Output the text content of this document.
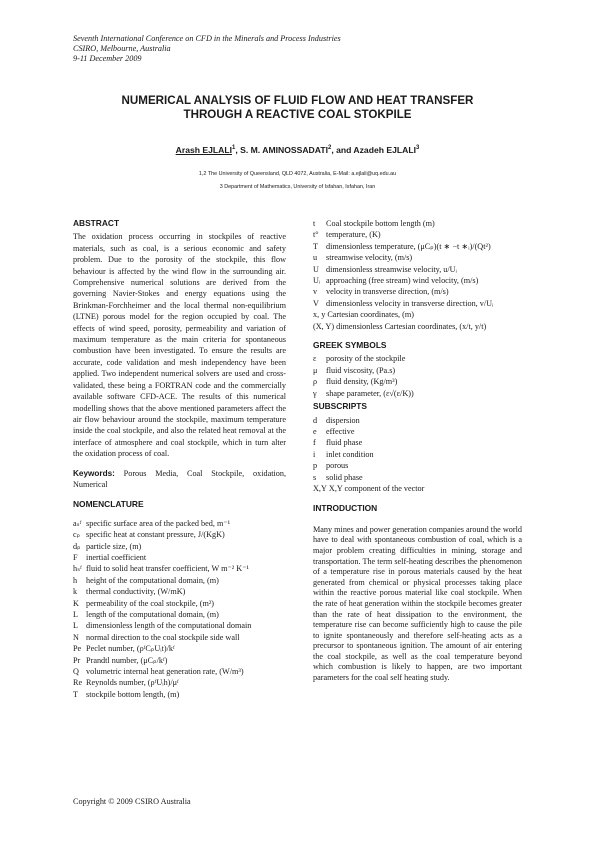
Seventh International Conference on CFD in the Minerals and Process Industries
CSIRO, Melbourne, Australia
9-11 December 2009
NUMERICAL ANALYSIS OF FLUID FLOW AND HEAT TRANSFER
THROUGH A REACTIVE COAL STOKPILE
Arash EJLALI$^1$, S. M. AMINOSSADATI$^2$, and Azadeh EJLALI$^3$
1,2 The University of Queensland, QLD 4072, Australia, E-Mail: a.ejlali@uq.edu.au
3 Department of Mathematics, University of Isfahan, Isfahan, Iran
ABSTRACT

The oxidation process occurring in stockpiles of reactive materials, such as coal, is a serious economic and safety problem. Due to the porosity of the stockpile, this flow behaviour is affected by the wind flow in the surrounding air. Comprehensive numerical solutions are derived from the governing Navier-Stokes and energy equations using the Brinkman-Forchheimer and the local thermal non-equilibrium (LTNE) porous model for the region occupied by coal. The effects of wind speed, porosity, permeability and variation of maximum temperature as the main criteria for spontaneous combustion have been investigated. To ensure the results are accurate, code validation and mesh independency have been applied. Two independent numerical solvers are used and cross-validated, these being a FORTRAN code and the commercially available software CFD-ACE. The results of this numerical modelling shows that the above mentioned parameters affect the air flow behaviour around the stockpile, maximum temperature inside the coal stockpile, and also the related heat removal at the interface of atmosphere and coal stockpile, which in turn alter the oxidation process of coal.

Keywords: Porous Media, Coal Stockpile, oxidation, Numerical

NOMENCLATURE

aₛᶠ specific surface area of the packed bed, m⁻¹

cₚ specific heat at constant pressure, J/(KgK)

dₚ particle size, (m)

F inertial coefficient

hₛᶠ fluid to solid heat transfer coefficient, W m⁻² K⁻¹

h height of the computational domain, (m)

k thermal conductivity, (W/mK)

K permeability of the coal stockpile, (m²)

L length of the computational domain, (m)

L dimensionless length of the computational domain

N normal direction to the coal stockpile side wall

Pe Peclet number, (ρᶠCₚUᵢt)/kᶠ

Pr Prandtl number, (μCₚ/kᶠ)

Q volumetric internal heat generation rate, (W/m³)

Re Reynolds number, (ρᶠUᵢh)/μᶠ

T stockpile bottom length, (m)

t Coal stockpile bottom length (m)

t° temperature, (K)

T dimensionless temperature, (μCₚ)(t ∗ −t ∗ᵢ)/(Qt²)

u streamwise velocity, (m/s)

U dimensionless streamwise velocity, u/Uᵢ

Uᵢ approaching (free stream) wind velocity, (m/s)

v velocity in transverse direction, (m/s)

V dimensionless velocity in transverse direction, v/Uᵢ

x, y Cartesian coordinates, (m)

(X, Y) dimensionless Cartesian coordinates, (x/t, y/t)

GREEK SYMBOLS

ε porosity of the stockpile

μ fluid viscosity, (Pa.s)

ρ fluid density, (Kg/m³)

γ shape parameter, (ε√(ε/K))

SUBSCRIPTS

d dispersion

e effective

f fluid phase

i inlet condition

p porous

s solid phase

X,Y X,Y component of the vector

INTRODUCTION

Many mines and power generation companies around the world have to deal with spontaneous combustion of coal, which is a major problem creating difficulties in mining, storage and transportation. The term self-heating describes the phenomenon of a temperature rise in porous materials caused by the heat generated from chemical or physical processes taking place within the reactive porous material like coal stockpile. When the rate of heat generation within the stockpile becomes greater than the rate of heat dissipation to the environment, the temperature rise can become sufficiently high to cause the pile to ignite spontaneously and therefore self-heating acts as a precursor to spontaneous ignition. The amount of air entering the coal stockpile, as well as the coal temperature beyond which combustion is likely to happen, are two important parameters for the coal self heating study.

Copyright © 2009 CSIRO Australia
